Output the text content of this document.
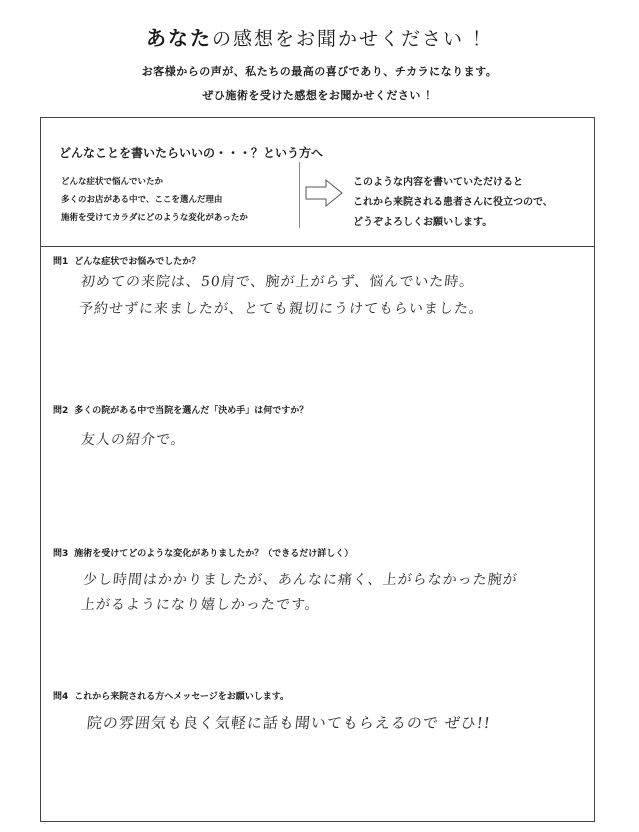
あなたの感想をお聞かせください ！
お客様からの声が、私たちの最高の喜びであり、チカラになります。
ぜひ施術を受けた感想をお聞かせください ！
どんなことを書いたらいいの・・・？という方へ
どんな症状で悩んでいたか
多くのお店がある中で、ここを選んだ理由
施術を受けてカラダにどのような変化があったか
このような内容を書いていただけると
これから来院される患者さんに役立つので、
どうぞよろしくお願いします。
問1 どんな症状でお悩みでしたか？
初めての来院は、50肩で、腕が上がらず、悩んでいた時。
予約せずに来ましたが、とても親切にうけてもらいました。
問2 多くの院がある中で当院を選んだ「決め手」は何ですか？
友人の紹介で。
問3 施術を受けてどのような変化がありましたか？（できるだけ詳しく）
少し時間はかかりましたが、あんなに痛く、上がらなかった腕が
上がるようになり嬉しかったです。
問4 これから来院される方へメッセージをお願いします。
院の雰囲気も良く気軽に話も聞いてもらえるので ぜひ!!
